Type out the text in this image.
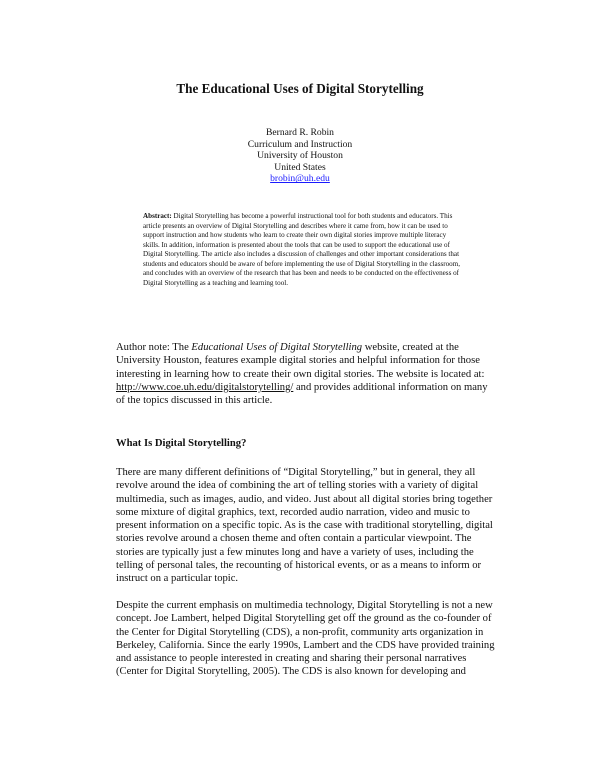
The Educational Uses of Digital Storytelling
Bernard R. Robin
Curriculum and Instruction
University of Houston
United States
brobin@uh.edu

Abstract: Digital Storytelling has become a powerful instructional tool for both students and educators. This article presents an overview of Digital Storytelling and describes where it came from, how it can be used to support instruction and how students who learn to create their own digital stories improve multiple literacy skills. In addition, information is presented about the tools that can be used to support the educational use of Digital Storytelling. The article also includes a discussion of challenges and other important considerations that students and educators should be aware of before implementing the use of Digital Storytelling in the classroom, and concludes with an overview of the research that has been and needs to be conducted on the effectiveness of Digital Storytelling as a teaching and learning tool.

Author note: The Educational Uses of Digital Storytelling website, created at the University Houston, features example digital stories and helpful information for those interesting in learning how to create their own digital stories. The website is located at: http://www.coe.uh.edu/digitalstorytelling/ and provides additional information on many of the topics discussed in this article.

What Is Digital Storytelling?

There are many different definitions of “Digital Storytelling,” but in general, they all revolve around the idea of combining the art of telling stories with a variety of digital multimedia, such as images, audio, and video. Just about all digital stories bring together some mixture of digital graphics, text, recorded audio narration, video and music to present information on a specific topic. As is the case with traditional storytelling, digital stories revolve around a chosen theme and often contain a particular viewpoint. The stories are typically just a few minutes long and have a variety of uses, including the telling of personal tales, the recounting of historical events, or as a means to inform or instruct on a particular topic.

Despite the current emphasis on multimedia technology, Digital Storytelling is not a new concept. Joe Lambert, helped Digital Storytelling get off the ground as the co-founder of the Center for Digital Storytelling (CDS), a non-profit, community arts organization in Berkeley, California. Since the early 1990s, Lambert and the CDS have provided training and assistance to people interested in creating and sharing their personal narratives (Center for Digital Storytelling, 2005). The CDS is also known for developing and
